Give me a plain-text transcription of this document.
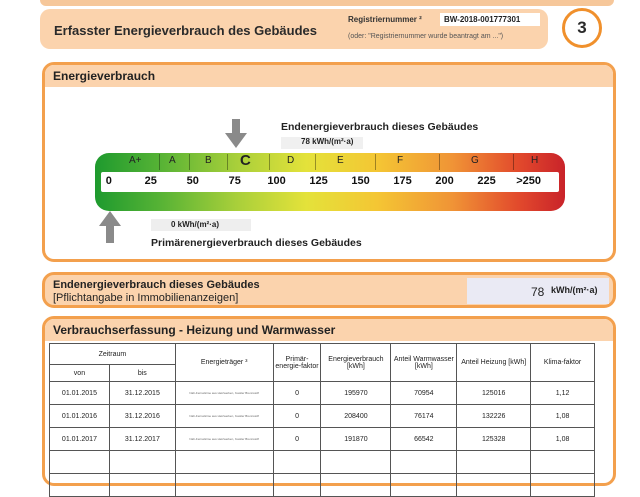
Erfasster Energieverbrauch des Gebäudes
Registriernummer ²	BW-2018-001777301
(oder: "Registriernummer wurde beantragt am ...")	3
Energieverbrauch
Endenergieverbrauch dieses Gebäudes
78 kWh/(m²·a)
A+	A	B C	D	E	F	G	H
0	25	50	75 100 125 150 175 200 225 >250
0 kWh/(m²·a)
Primärenergieverbrauch dieses Gebäudes
Endenergieverbrauch dieses Gebäudes
[Pflichtangabe in Immobilienanzeigen]	78 kWh/(m²·a)
Verbrauchserfassung - Heizung und Warmwasser
Zeitraum		Energieträger ³	Primär-energie-faktor	Energieverbrauch [kWh]	Anteil Warmwasser [kWh]	Anteil Heizung [kWh]	Klima-faktor
von	bis						
01.01.2015	31.12.2015	Nah-Fernwärme aus Heizwerken, fossiler Brennstoff	0	195970	70954	125016	1,12
01.01.2016	31.12.2016	Nah-Fernwärme aus Heizwerken, fossiler Brennstoff	0	208400	76174	132226	1,08
01.01.2017	31.12.2017	Nah-Fernwärme aus Heizwerken, fossiler Brennstoff	0	191870	66542	125328	1,08
